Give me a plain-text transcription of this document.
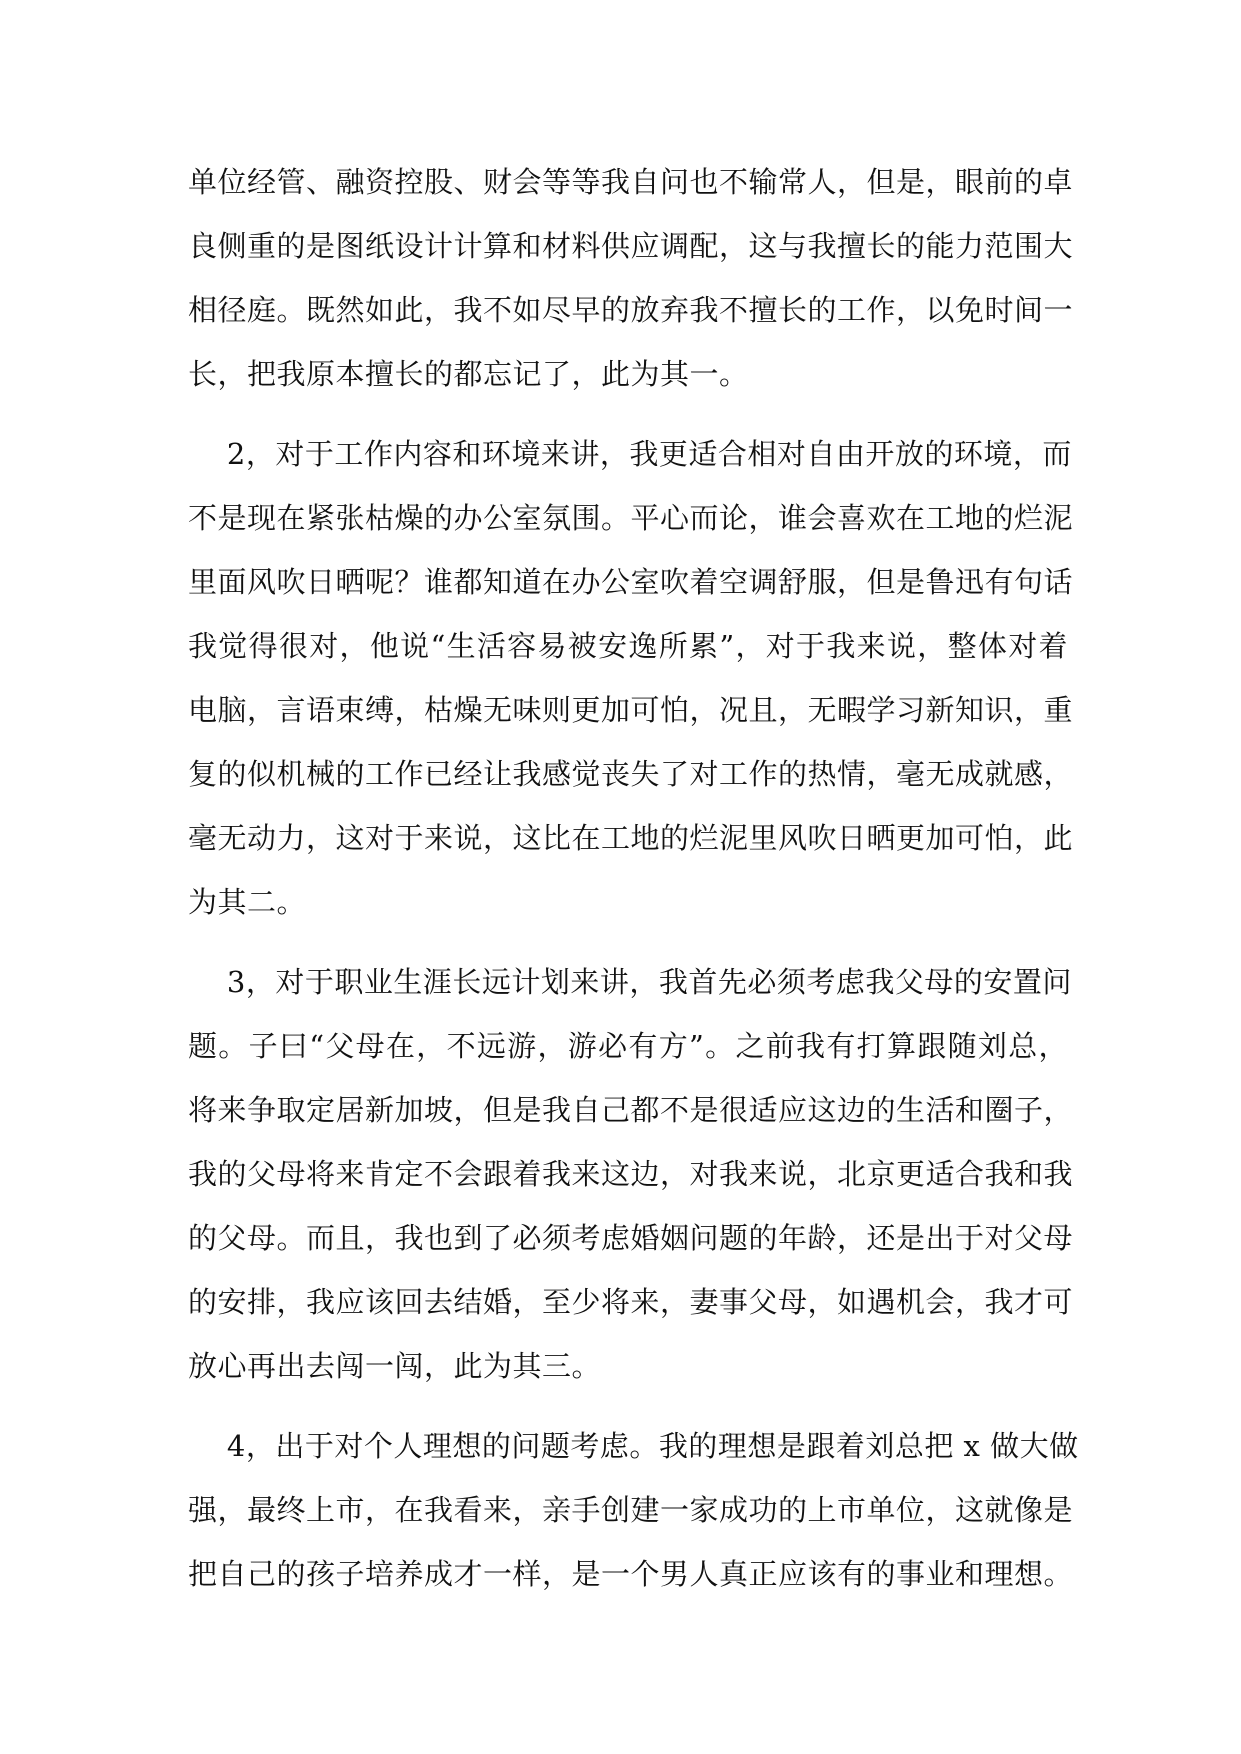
单位经管、融资控股、财会等等我自问也不输常人，但是，眼前的卓
良侧重的是图纸设计计算和材料供应调配，这与我擅长的能力范围大
相径庭。既然如此，我不如尽早的放弃我不擅长的工作，以免时间一
长，把我原本擅长的都忘记了，此为其一。
2，对于工作内容和环境来讲，我更适合相对自由开放的环境，而
不是现在紧张枯燥的办公室氛围。平心而论，谁会喜欢在工地的烂泥
里面风吹日晒呢？谁都知道在办公室吹着空调舒服，但是鲁迅有句话
我觉得很对，他说“生活容易被安逸所累”，对于我来说，整体对着
电脑，言语束缚，枯燥无味则更加可怕，况且，无暇学习新知识，重
复的似机械的工作已经让我感觉丧失了对工作的热情，毫无成就感，
毫无动力，这对于来说，这比在工地的烂泥里风吹日晒更加可怕，此
为其二。
3，对于职业生涯长远计划来讲，我首先必须考虑我父母的安置问
题。子曰“父母在，不远游，游必有方”。之前我有打算跟随刘总，
将来争取定居新加坡，但是我自己都不是很适应这边的生活和圈子，
我的父母将来肯定不会跟着我来这边，对我来说，北京更适合我和我
的父母。而且，我也到了必须考虑婚姻问题的年龄，还是出于对父母
的安排，我应该回去结婚，至少将来，妻事父母，如遇机会，我才可
放心再出去闯一闯，此为其三。
4，出于对个人理想的问题考虑。我的理想是跟着刘总把 x 做大做
强，最终上市，在我看来，亲手创建一家成功的上市单位，这就像是
把自己的孩子培养成才一样，是一个男人真正应该有的事业和理想。
